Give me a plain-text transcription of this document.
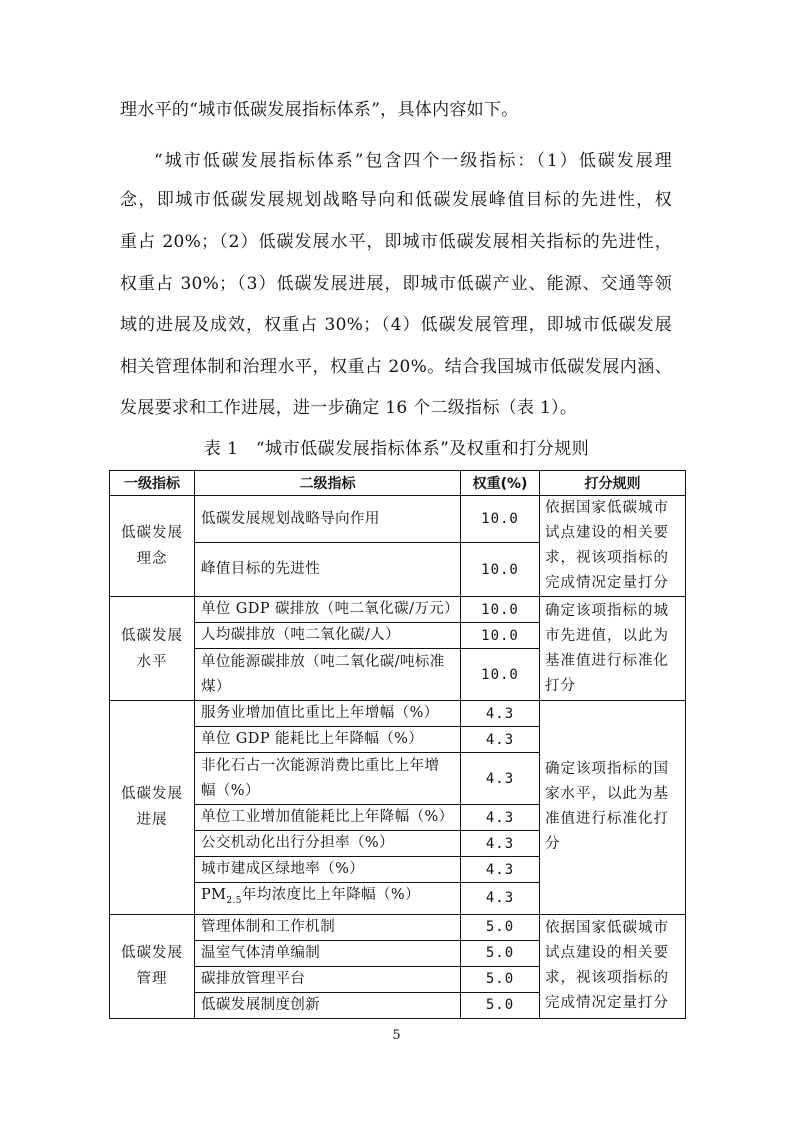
理水平的“城市低碳发展指标体系”，具体内容如下。
“城市低碳发展指标体系”包含四个一级指标：（1）低碳发展理
念，即城市低碳发展规划战略导向和低碳发展峰值目标的先进性，权
重占 20%；（2）低碳发展水平，即城市低碳发展相关指标的先进性，
权重占 30%；（3）低碳发展进展，即城市低碳产业、能源、交通等领
域的进展及成效，权重占 30%；（4）低碳发展管理，即城市低碳发展
相关管理体制和治理水平，权重占 20%。结合我国城市低碳发展内涵、
发展要求和工作进展，进一步确定 16 个二级指标（表 1）。
表 1　“城市低碳发展指标体系”及权重和打分规则
一级指标	二级指标	权重(%)	打分规则

低碳发展理念	低碳发展规划战略导向作用	10.0	依据国家低碳城市试点建设的相关要求，视该项指标的完成情况定量打分
	峰值目标的先进性	10.0	

低碳发展水平	单位 GDP 碳排放（吨二氧化碳/万元）	10.0	确定该项指标的城市先进值，以此为基准值进行标准化打分
	人均碳排放（吨二氧化碳/人）	10.0	
	单位能源碳排放（吨二氧化碳/吨标准煤）	10.0	

低碳发展进展	服务业增加值比重比上年增幅（%）	4.3	确定该项指标的国家水平，以此为基准值进行标准化打分
	单位 GDP 能耗比上年降幅（%）	4.3	
	非化石占一次能源消费比重比上年增幅（%）	4.3	
	单位工业增加值能耗比上年降幅（%）	4.3	
	公交机动化出行分担率（%）	4.3	
	城市建成区绿地率（%）	4.3	
	$PM_{2.5}$年均浓度比上年降幅（%）	4.3	

低碳发展管理	管理体制和工作机制	5.0	依据国家低碳城市试点建设的相关要求，视该项指标的完成情况定量打分
	温室气体清单编制	5.0	
	碳排放管理平台	5.0	
	低碳发展制度创新	5.0	
5
